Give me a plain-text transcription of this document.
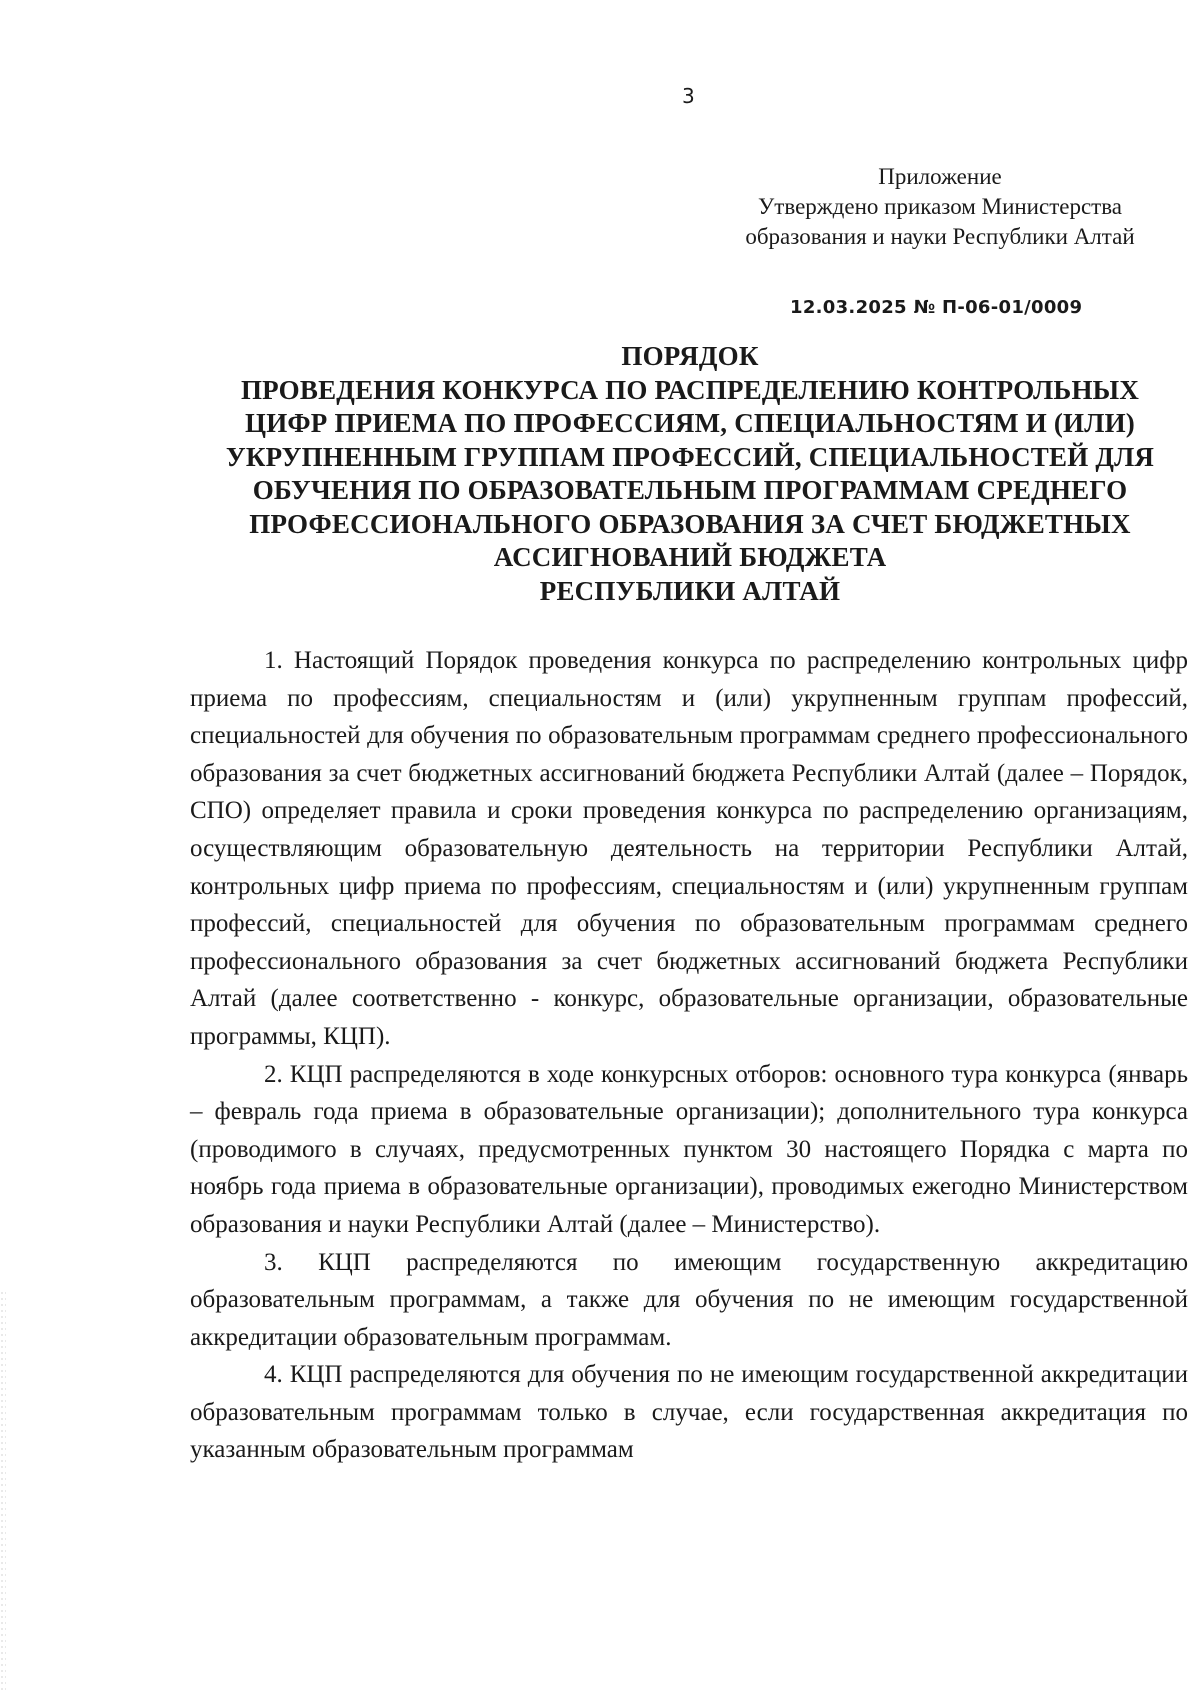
3
Приложение
Утверждено приказом Министерства
образования и науки Республики Алтай
12.03.2025 № П-06-01/0009
ПОРЯДОК
ПРОВЕДЕНИЯ КОНКУРСА ПО РАСПРЕДЕЛЕНИЮ КОНТРОЛЬНЫХ
ЦИФР ПРИЕМА ПО ПРОФЕССИЯМ, СПЕЦИАЛЬНОСТЯМ И (ИЛИ)
УКРУПНЕННЫМ ГРУППАМ ПРОФЕССИЙ, СПЕЦИАЛЬНОСТЕЙ ДЛЯ
ОБУЧЕНИЯ ПО ОБРАЗОВАТЕЛЬНЫМ ПРОГРАММАМ СРЕДНЕГО
ПРОФЕССИОНАЛЬНОГО ОБРАЗОВАНИЯ ЗА СЧЕТ БЮДЖЕТНЫХ
АССИГНОВАНИЙ БЮДЖЕТА
РЕСПУБЛИКИ АЛТАЙ

1. Настоящий Порядок проведения конкурса по распределению контрольных цифр приема по профессиям, специальностям и (или) укрупненным группам профессий, специальностей для обучения по образовательным программам среднего профессионального образования за счет бюджетных ассигнований бюджета Республики Алтай (далее – Порядок, СПО) определяет правила и сроки проведения конкурса по распределению организациям, осуществляющим образовательную деятельность на территории Республики Алтай, контрольных цифр приема по профессиям, специальностям и (или) укрупненным группам профессий, специальностей для обучения по образовательным программам среднего профессионального образования за счет бюджетных ассигнований бюджета Республики Алтай (далее соответственно - конкурс, образовательные организации, образовательные программы, КЦП).

2. КЦП распределяются в ходе конкурсных отборов: основного тура конкурса (январь – февраль года приема в образовательные организации); дополнительного тура конкурса (проводимого в случаях, предусмотренных пунктом 30 настоящего Порядка с марта по ноябрь года приема в образовательные организации), проводимых ежегодно Министерством образования и науки Республики Алтай (далее – Министерство).

3. КЦП распределяются по имеющим государственную аккредитацию образовательным программам, а также для обучения по не имеющим государственной аккредитации образовательным программам.

4. КЦП распределяются для обучения по не имеющим государственной аккредитации образовательным программам только в случае, если государственная аккредитация по указанным образовательным программам
